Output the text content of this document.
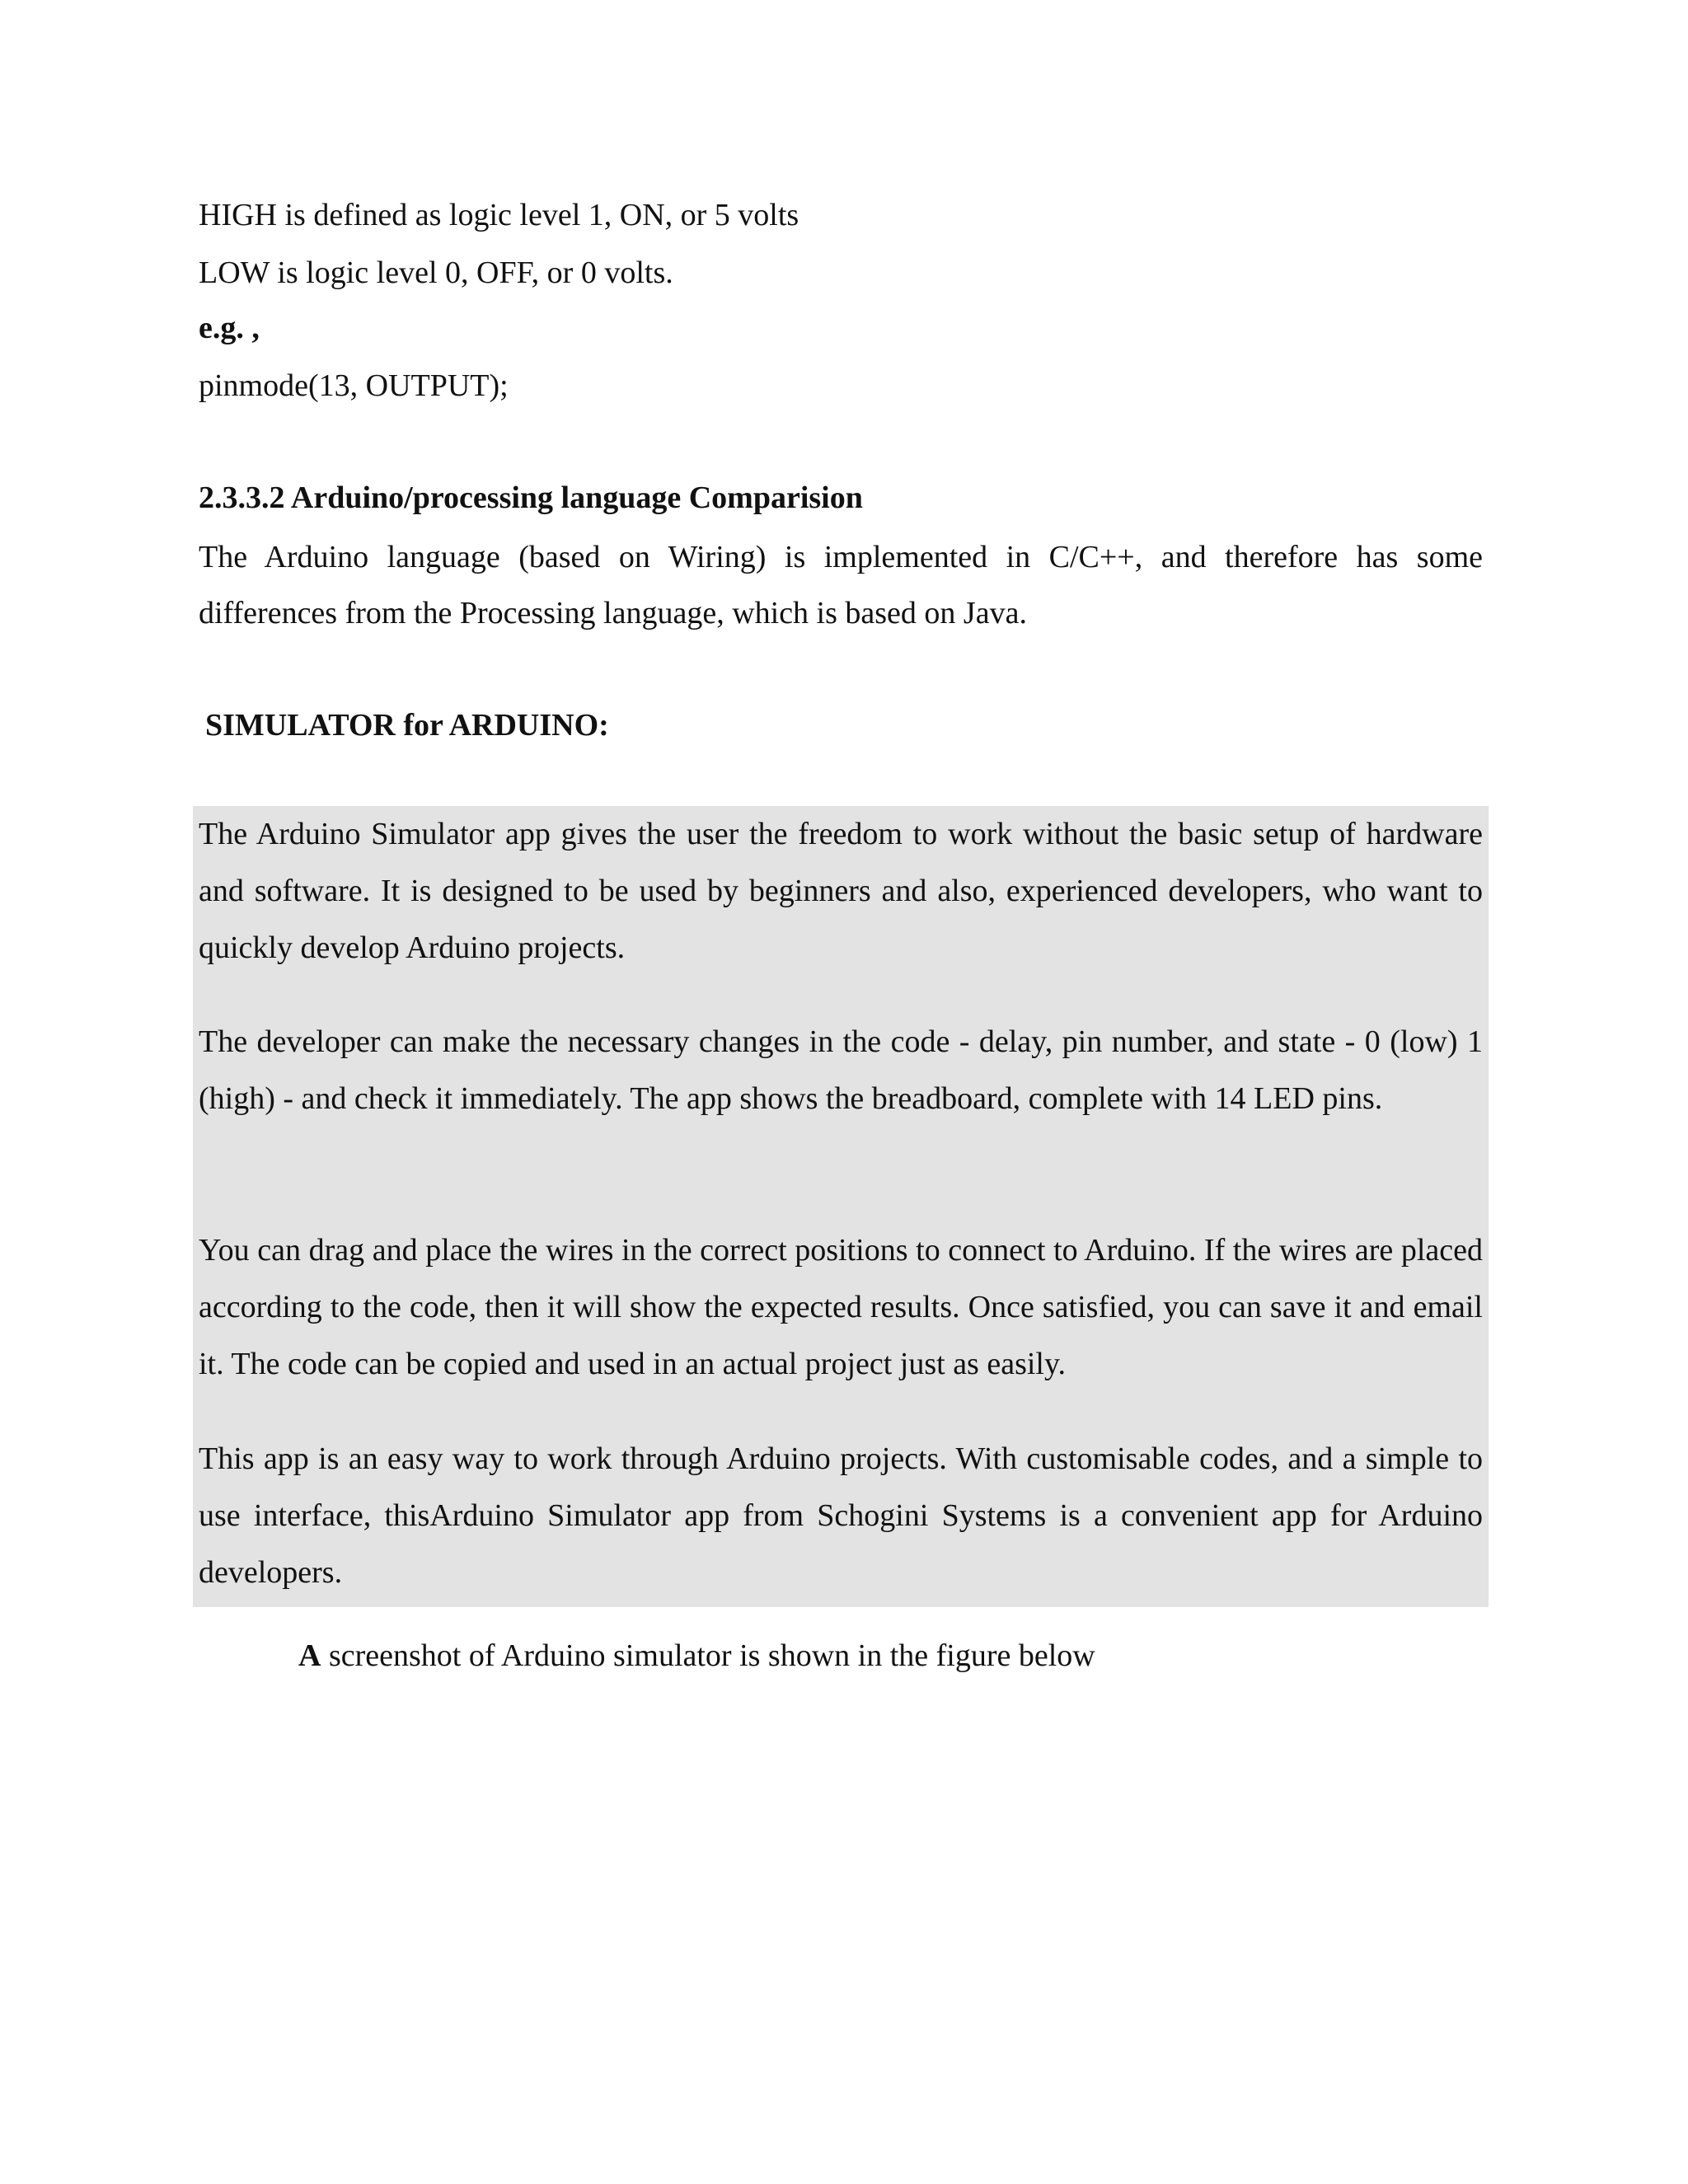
HIGH is defined as logic level 1, ON, or 5 volts
LOW is logic level 0, OFF, or 0 volts.
e.g. ,
pinmode(13, OUTPUT);
2.3.3.2 Arduino/processing language Comparision
The Arduino language (based on Wiring) is implemented in C/C++, and therefore has some differences from the Processing language, which is based on Java.
SIMULATOR for ARDUINO:
The Arduino Simulator app gives the user the freedom to work without the basic setup of hardware and software. It is designed to be used by beginners and also, experienced developers, who want to quickly develop Arduino projects.
The developer can make the necessary changes in the code - delay, pin number, and state - 0 (low) 1 (high) - and check it immediately. The app shows the breadboard, complete with 14 LED pins.
You can drag and place the wires in the correct positions to connect to Arduino. If the wires are placed according to the code, then it will show the expected results. Once satisfied, you can save it and email it. The code can be copied and used in an actual project just as easily.
This app is an easy way to work through Arduino projects. With customisable codes, and a simple to use interface, thisArduino Simulator app from Schogini Systems is a convenient app for Arduino developers.
A screenshot of Arduino simulator is shown in the figure below
